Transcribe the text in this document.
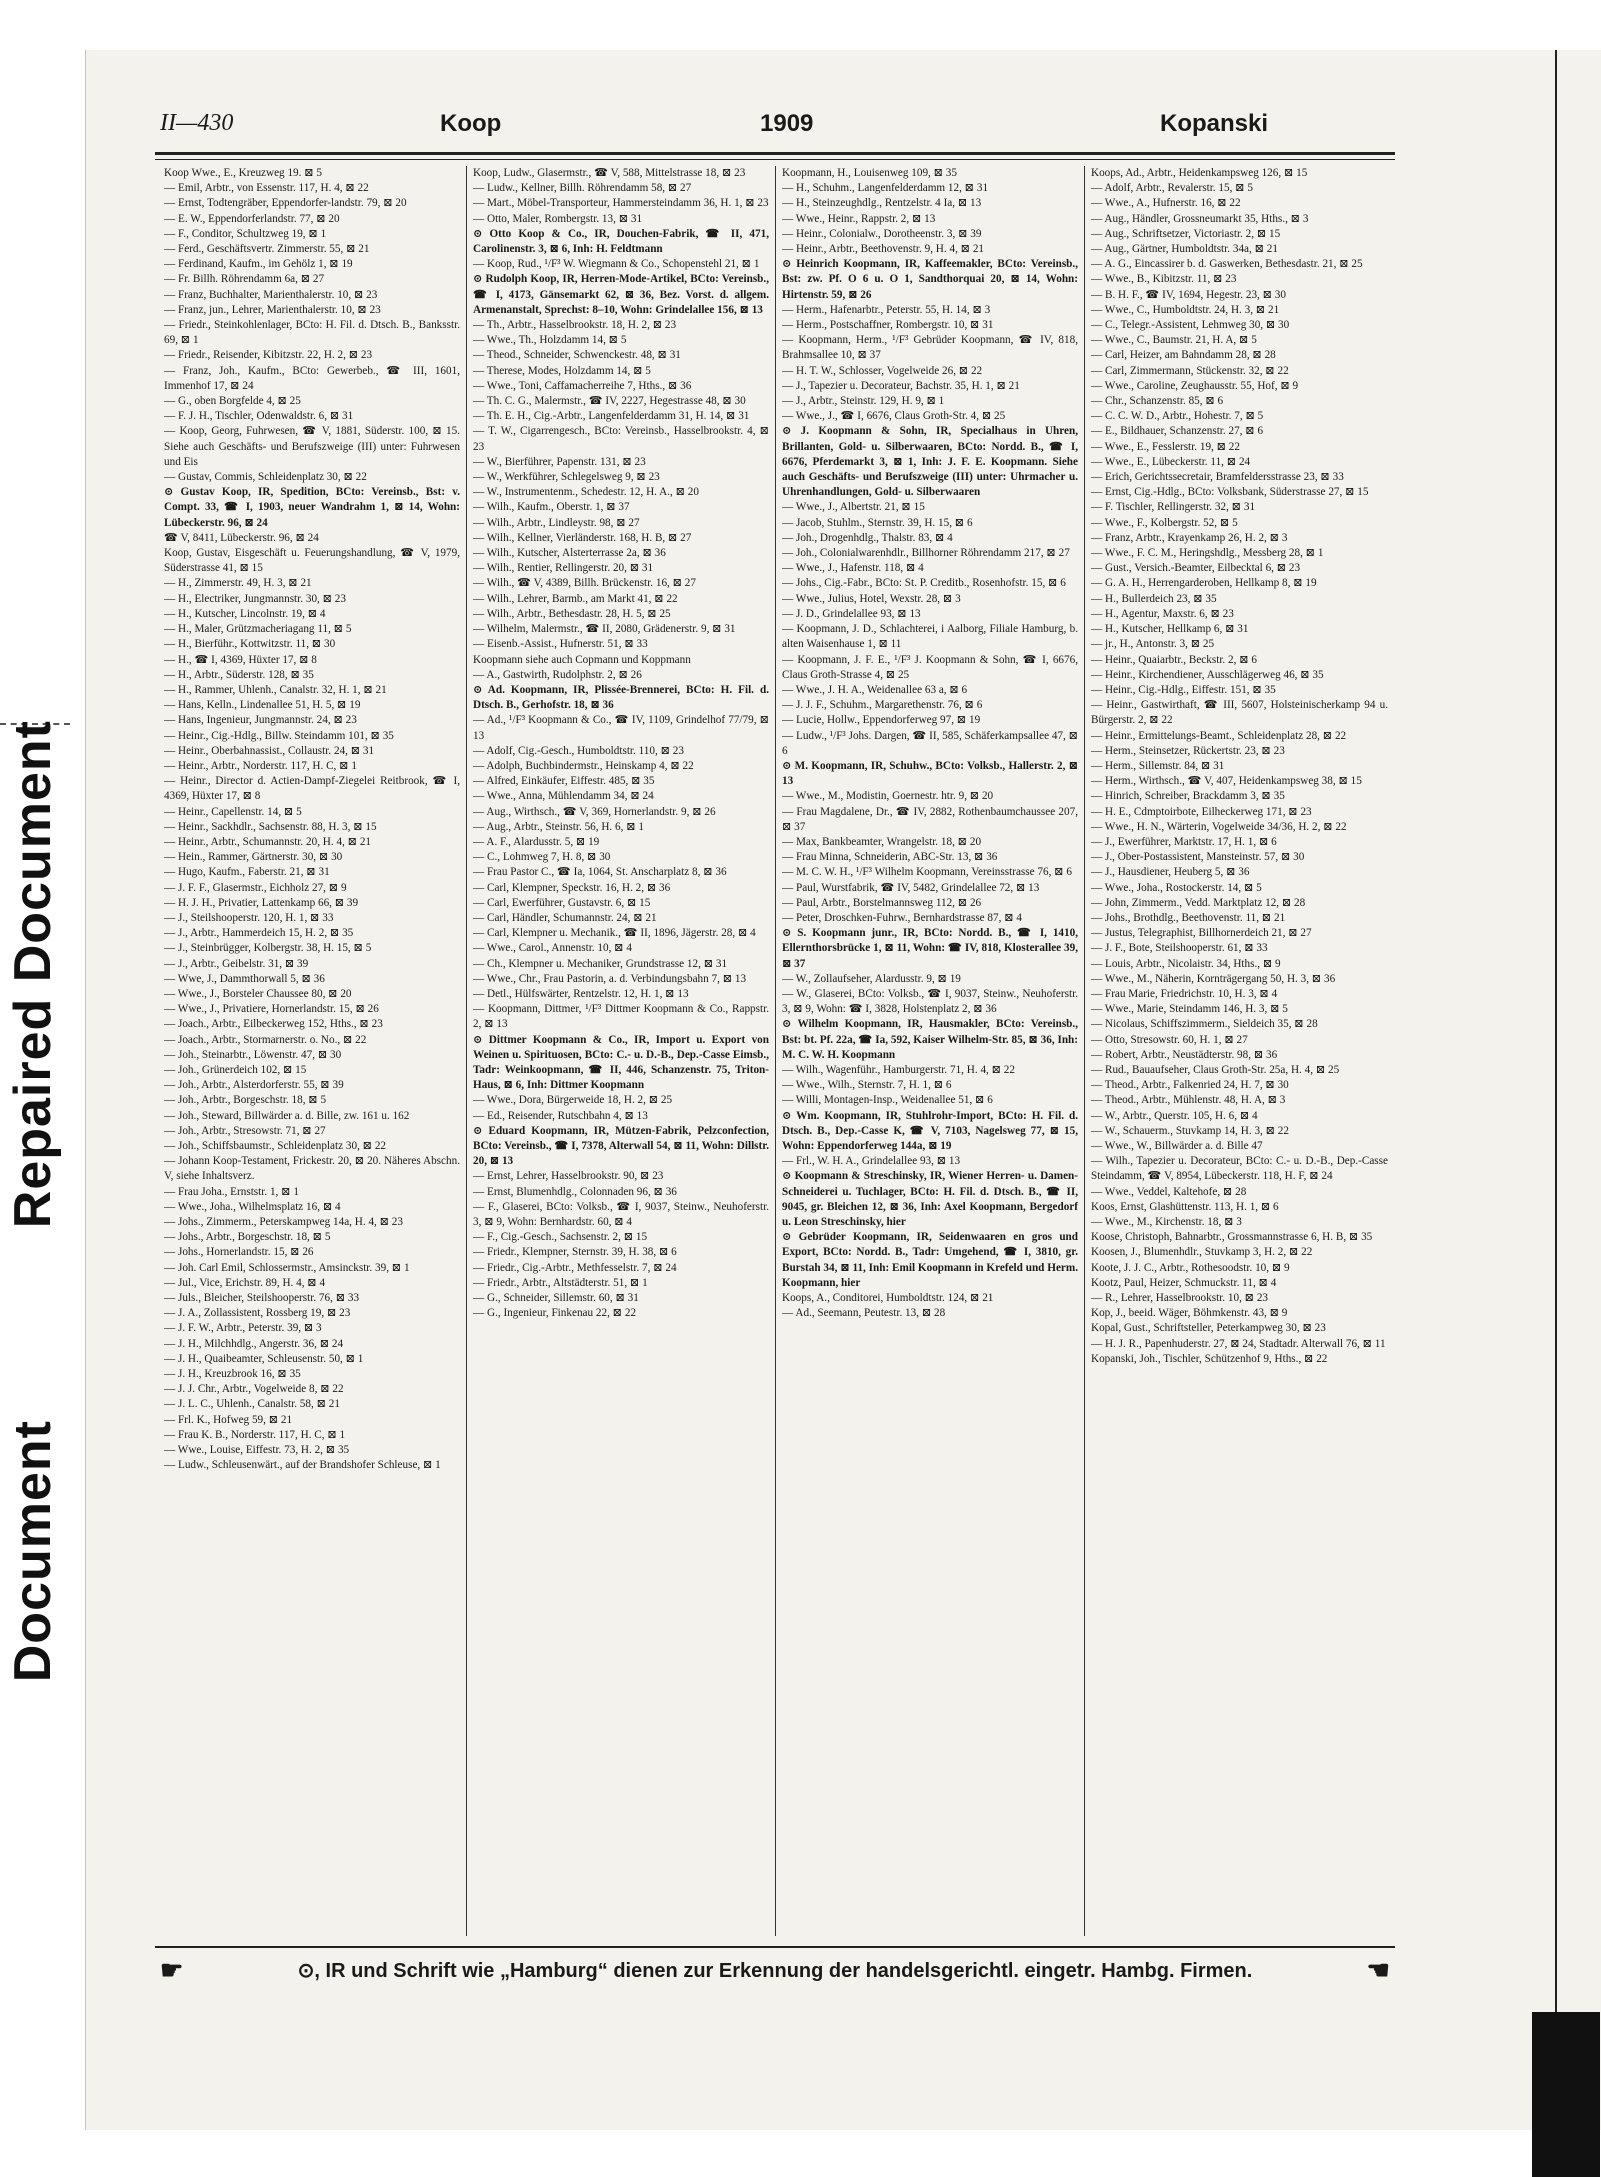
Repaired Document
Document
II—430	Koop	1909	Kopanski

Koop Wwe., E., Kreuzweg 19. ⊠ 5

— Emil, Arbtr., von Essenstr. 117, H. 4, ⊠ 22

— Ernst, Todtengräber, Eppendorfer-landstr. 79, ⊠ 20

— E. W., Eppendorferlandstr. 77, ⊠ 20

— F., Conditor, Schultzweg 19, ⊠ 1

— Ferd., Geschäftsvertr. Zimmerstr. 55, ⊠ 21

— Ferdinand, Kaufm., im Gehölz 1, ⊠ 19

— Fr. Billh. Röhrendamm 6a, ⊠ 27

— Franz, Buchhalter, Marienthalerstr. 10, ⊠ 23

— Franz, jun., Lehrer, Marienthalerstr. 10, ⊠ 23

— Friedr., Steinkohlenlager, BCto: H. Fil. d. Dtsch. B., Banksstr. 69, ⊠ 1

— Friedr., Reisender, Kibitzstr. 22, H. 2, ⊠ 23

— Franz, Joh., Kaufm., BCto: Gewerbeb., ☎ III, 1601, Immenhof 17, ⊠ 24

— G., oben Borgfelde 4, ⊠ 25

— F. J. H., Tischler, Odenwaldstr. 6, ⊠ 31

— Koop, Georg, Fuhrwesen, ☎ V, 1881, Süderstr. 100, ⊠ 15. Siehe auch Geschäfts- und Berufszweige (III) unter: Fuhrwesen und Eis

— Gustav, Commis, Schleidenplatz 30, ⊠ 22

⊙ Gustav Koop, IR, Spedition, BCto: Vereinsb., Bst: v. Compt. 33, ☎ I, 1903, neuer Wandrahm 1, ⊠ 14, Wohn: Lübeckerstr. 96, ⊠ 24

☎ V, 8411, Lübeckerstr. 96, ⊠ 24

Koop, Gustav, Eisgeschäft u. Feuerungshandlung, ☎ V, 1979, Süderstrasse 41, ⊠ 15

— H., Zimmerstr. 49, H. 3, ⊠ 21

— H., Electriker, Jungmannstr. 30, ⊠ 23

— H., Kutscher, Lincolnstr. 19, ⊠ 4

— H., Maler, Grützmacheriagang 11, ⊠ 5

— H., Bierführ., Kottwitzstr. 11, ⊠ 30

— H., ☎ I, 4369, Hüxter 17, ⊠ 8

— H., Arbtr., Süderstr. 128, ⊠ 35

— H., Rammer, Uhlenh., Canalstr. 32, H. 1, ⊠ 21

— Hans, Kelln., Lindenallee 51, H. 5, ⊠ 19

— Hans, Ingenieur, Jungmannstr. 24, ⊠ 23

— Heinr., Cig.-Hdlg., Billw. Steindamm 101, ⊠ 35

— Heinr., Oberbahnassist., Collaustr. 24, ⊠ 31

— Heinr., Arbtr., Norderstr. 117, H. C, ⊠ 1

— Heinr., Director d. Actien-Dampf-Ziegelei Reitbrook, ☎ I, 4369, Hüxter 17, ⊠ 8

— Heinr., Capellenstr. 14, ⊠ 5

— Heinr., Sackhdlr., Sachsenstr. 88, H. 3, ⊠ 15

— Heinr., Arbtr., Schumannstr. 20, H. 4, ⊠ 21

— Hein., Rammer, Gärtnerstr. 30, ⊠ 30

— Hugo, Kaufm., Faberstr. 21, ⊠ 31

— J. F. F., Glasermstr., Eichholz 27, ⊠ 9

— H. J. H., Privatier, Lattenkamp 66, ⊠ 39

— J., Steilshooperstr. 120, H. 1, ⊠ 33

— J., Arbtr., Hammerdeich 15, H. 2, ⊠ 35

— J., Steinbrügger, Kolbergstr. 38, H. 15, ⊠ 5

— J., Arbtr., Geibelstr. 31, ⊠ 39

— Wwe, J., Dammthorwall 5, ⊠ 36

— Wwe., J., Borsteler Chaussee 80, ⊠ 20

— Wwe., J., Privatiere, Hornerlandstr. 15, ⊠ 26

— Joach., Arbtr., Eilbeckerweg 152, Hths., ⊠ 23

— Joach., Arbtr., Stormarnerstr. o. No., ⊠ 22

— Joh., Steinarbtr., Löwenstr. 47, ⊠ 30

— Joh., Grünerdeich 102, ⊠ 15

— Joh., Arbtr., Alsterdorferstr. 55, ⊠ 39

— Joh., Arbtr., Borgeschstr. 18, ⊠ 5

— Joh., Steward, Billwärder a. d. Bille, zw. 161 u. 162

— Joh., Arbtr., Stresowstr. 71, ⊠ 27

— Joh., Schiffsbaumstr., Schleidenplatz 30, ⊠ 22

— Johann Koop-Testament, Frickestr. 20, ⊠ 20. Näheres Abschn. V, siehe Inhaltsverz.

— Frau Joha., Ernststr. 1, ⊠ 1

— Wwe., Joha., Wilhelmsplatz 16, ⊠ 4

— Johs., Zimmerm., Peterskampweg 14a, H. 4, ⊠ 23

— Johs., Arbtr., Borgeschstr. 18, ⊠ 5

— Johs., Hornerlandstr. 15, ⊠ 26

— Joh. Carl Emil, Schlossermstr., Amsinckstr. 39, ⊠ 1

— Jul., Vice, Erichstr. 89, H. 4, ⊠ 4

— Juls., Bleicher, Steilshooperstr. 76, ⊠ 33

— J. A., Zollassistent, Rossberg 19, ⊠ 23

— J. F. W., Arbtr., Peterstr. 39, ⊠ 3

— J. H., Milchhdlg., Angerstr. 36, ⊠ 24

— J. H., Quaibeamter, Schleusenstr. 50, ⊠ 1

— J. H., Kreuzbrook 16, ⊠ 35

— J. J. Chr., Arbtr., Vogelweide 8, ⊠ 22

— J. L. C., Uhlenh., Canalstr. 58, ⊠ 21

— Frl. K., Hofweg 59, ⊠ 21

— Frau K. B., Norderstr. 117, H. C, ⊠ 1

— Wwe., Louise, Eiffestr. 73, H. 2, ⊠ 35

— Ludw., Schleusenwärt., auf der Brandshofer Schleuse, ⊠ 1

Koop, Ludw., Glasermstr., ☎ V, 588, Mittelstrasse 18, ⊠ 23

— Ludw., Kellner, Billh. Röhrendamm 58, ⊠ 27

— Mart., Möbel-Transporteur, Hammersteindamm 36, H. 1, ⊠ 23

— Otto, Maler, Rombergstr. 13, ⊠ 31

⊙ Otto Koop & Co., IR, Douchen-Fabrik, ☎ II, 471, Carolinenstr. 3, ⊠ 6, Inh: H. Feldtmann

— Koop, Rud., ¹/F³ W. Wiegmann & Co., Schopenstehl 21, ⊠ 1

⊙ Rudolph Koop, IR, Herren-Mode-Artikel, BCto: Vereinsb., ☎ I, 4173, Gänsemarkt 62, ⊠ 36, Bez. Vorst. d. allgem. Armenanstalt, Sprechst: 8–10, Wohn: Grindelallee 156, ⊠ 13

— Th., Arbtr., Hasselbrookstr. 18, H. 2, ⊠ 23

— Wwe., Th., Holzdamm 14, ⊠ 5

— Theod., Schneider, Schwenckestr. 48, ⊠ 31

— Therese, Modes, Holzdamm 14, ⊠ 5

— Wwe., Toni, Caffamacherreihe 7, Hths., ⊠ 36

— Th. C. G., Malermstr., ☎ IV, 2227, Hegestrasse 48, ⊠ 30

— Th. E. H., Cig.-Arbtr., Langenfelderdamm 31, H. 14, ⊠ 31

— T. W., Cigarrengesch., BCto: Vereinsb., Hasselbrookstr. 4, ⊠ 23

— W., Bierführer, Papenstr. 131, ⊠ 23

— W., Werkführer, Schlegelsweg 9, ⊠ 23

— W., Instrumentenm., Schedestr. 12, H. A., ⊠ 20

— Wilh., Kaufm., Oberstr. 1, ⊠ 37

— Wilh., Arbtr., Lindleystr. 98, ⊠ 27

— Wilh., Kellner, Vierländerstr. 168, H. B, ⊠ 27

— Wilh., Kutscher, Alsterterrasse 2a, ⊠ 36

— Wilh., Rentier, Rellingerstr. 20, ⊠ 31

— Wilh., ☎ V, 4389, Billh. Brückenstr. 16, ⊠ 27

— Wilh., Lehrer, Barmb., am Markt 41, ⊠ 22

— Wilh., Arbtr., Bethesdastr. 28, H. 5, ⊠ 25

— Wilhelm, Malermstr., ☎ II, 2080, Grädenerstr. 9, ⊠ 31

— Eisenb.-Assist., Hufnerstr. 51, ⊠ 33

Koopmann siehe auch Copmann und Koppmann

— A., Gastwirth, Rudolphstr. 2, ⊠ 26

⊙ Ad. Koopmann, IR, Plissée-Brennerei, BCto: H. Fil. d. Dtsch. B., Gerhofstr. 18, ⊠ 36

— Ad., ¹/F³ Koopmann & Co., ☎ IV, 1109, Grindelhof 77/79, ⊠ 13

— Adolf, Cig.-Gesch., Humboldtstr. 110, ⊠ 23

— Adolph, Buchbindermstr., Heinskamp 4, ⊠ 22

— Alfred, Einkäufer, Eiffestr. 485, ⊠ 35

— Wwe., Anna, Mühlendamm 34, ⊠ 24

— Aug., Wirthsch., ☎ V, 369, Hornerlandstr. 9, ⊠ 26

— Aug., Arbtr., Steinstr. 56, H. 6, ⊠ 1

— A. F., Alardusstr. 5, ⊠ 19

— C., Lohmweg 7, H. 8, ⊠ 30

— Frau Pastor C., ☎ Ia, 1064, St. Anscharplatz 8, ⊠ 36

— Carl, Klempner, Speckstr. 16, H. 2, ⊠ 36

— Carl, Ewerführer, Gustavstr. 6, ⊠ 15

— Carl, Händler, Schumannstr. 24, ⊠ 21

— Carl, Klempner u. Mechanik., ☎ II, 1896, Jägerstr. 28, ⊠ 4

— Wwe., Carol., Annenstr. 10, ⊠ 4

— Ch., Klempner u. Mechaniker, Grundstrasse 12, ⊠ 31

— Wwe., Chr., Frau Pastorin, a. d. Verbindungsbahn 7, ⊠ 13

— Detl., Hülfswärter, Rentzelstr. 12, H. 1, ⊠ 13

— Koopmann, Dittmer, ¹/F³ Dittmer Koopmann & Co., Rappstr. 2, ⊠ 13

⊙ Dittmer Koopmann & Co., IR, Import u. Export von Weinen u. Spirituosen, BCto: C.- u. D.-B., Dep.-Casse Eimsb., Tadr: Weinkoopmann, ☎ II, 446, Schanzenstr. 75, Triton-Haus, ⊠ 6, Inh: Dittmer Koopmann

— Wwe., Dora, Bürgerweide 18, H. 2, ⊠ 25

— Ed., Reisender, Rutschbahn 4, ⊠ 13

⊙ Eduard Koopmann, IR, Mützen-Fabrik, Pelzconfection, BCto: Vereinsb., ☎ I, 7378, Alterwall 54, ⊠ 11, Wohn: Dillstr. 20, ⊠ 13

— Ernst, Lehrer, Hasselbrookstr. 90, ⊠ 23

— Ernst, Blumenhdlg., Colonnaden 96, ⊠ 36

— F., Glaserei, BCto: Volksb., ☎ I, 9037, Steinw., Neuhoferstr. 3, ⊠ 9, Wohn: Bernhardstr. 60, ⊠ 4

— F., Cig.-Gesch., Sachsenstr. 2, ⊠ 15

— Friedr., Klempner, Sternstr. 39, H. 38, ⊠ 6

— Friedr., Cig.-Arbtr., Methfesselstr. 7, ⊠ 24

— Friedr., Arbtr., Altstädterstr. 51, ⊠ 1

— G., Schneider, Sillemstr. 60, ⊠ 31

— G., Ingenieur, Finkenau 22, ⊠ 22

Koopmann, H., Louisenweg 109, ⊠ 35

— H., Schuhm., Langenfelderdamm 12, ⊠ 31

— H., Steinzeughdlg., Rentzelstr. 4 Ia, ⊠ 13

— Wwe., Heinr., Rappstr. 2, ⊠ 13

— Heinr., Colonialw., Dorotheenstr. 3, ⊠ 39

— Heinr., Arbtr., Beethovenstr. 9, H. 4, ⊠ 21

⊙ Heinrich Koopmann, IR, Kaffeemakler, BCto: Vereinsb., Bst: zw. Pf. O 6 u. O 1, Sandthorquai 20, ⊠ 14, Wohn: Hirtenstr. 59, ⊠ 26

— Herm., Hafenarbtr., Peterstr. 55, H. 14, ⊠ 3

— Herm., Postschaffner, Rombergstr. 10, ⊠ 31

— Koopmann, Herm., ¹/F³ Gebrüder Koopmann, ☎ IV, 818, Brahmsallee 10, ⊠ 37

— H. T. W., Schlosser, Vogelweide 26, ⊠ 22

— J., Tapezier u. Decorateur, Bachstr. 35, H. 1, ⊠ 21

— J., Arbtr., Steinstr. 129, H. 9, ⊠ 1

— Wwe., J., ☎ I, 6676, Claus Groth-Str. 4, ⊠ 25

⊙ J. Koopmann & Sohn, IR, Specialhaus in Uhren, Brillanten, Gold- u. Silberwaaren, BCto: Nordd. B., ☎ I, 6676, Pferdemarkt 3, ⊠ 1, Inh: J. F. E. Koopmann. Siehe auch Geschäfts- und Berufszweige (III) unter: Uhrmacher u. Uhrenhandlungen, Gold- u. Silberwaaren

— Wwe., J., Albertstr. 21, ⊠ 15

— Jacob, Stuhlm., Sternstr. 39, H. 15, ⊠ 6

— Joh., Drogenhdlg., Thalstr. 83, ⊠ 4

— Joh., Colonialwarenhdlr., Billhorner Röhrendamm 217, ⊠ 27

— Wwe., J., Hafenstr. 118, ⊠ 4

— Johs., Cig.-Fabr., BCto: St. P. Creditb., Rosenhofstr. 15, ⊠ 6

— Wwe., Julius, Hotel, Wexstr. 28, ⊠ 3

— J. D., Grindelallee 93, ⊠ 13

— Koopmann, J. D., Schlachterei, i Aalborg, Filiale Hamburg, b. alten Waisenhause 1, ⊠ 11

— Koopmann, J. F. E., ¹/F³ J. Koopmann & Sohn, ☎ I, 6676, Claus Groth-Strasse 4, ⊠ 25

— Wwe., J. H. A., Weidenallee 63 a, ⊠ 6

— J. J. F., Schuhm., Margarethenstr. 76, ⊠ 6

— Lucie, Hollw., Eppendorferweg 97, ⊠ 19

— Ludw., ¹/F³ Johs. Dargen, ☎ II, 585, Schäferkampsallee 47, ⊠ 6

⊙ M. Koopmann, IR, Schuhw., BCto: Volksb., Hallerstr. 2, ⊠ 13

— Wwe., M., Modistin, Goernestr. htr. 9, ⊠ 20

— Frau Magdalene, Dr., ☎ IV, 2882, Rothenbaumchaussee 207, ⊠ 37

— Max, Bankbeamter, Wrangelstr. 18, ⊠ 20

— Frau Minna, Schneiderin, ABC-Str. 13, ⊠ 36

— M. C. W. H., ¹/F³ Wilhelm Koopmann, Vereinsstrasse 76, ⊠ 6

— Paul, Wurstfabrik, ☎ IV, 5482, Grindelallee 72, ⊠ 13

— Paul, Arbtr., Borstelmannsweg 112, ⊠ 26

— Peter, Droschken-Fuhrw., Bernhardstrasse 87, ⊠ 4

⊙ S. Koopmann junr., IR, BCto: Nordd. B., ☎ I, 1410, Ellernthorsbrücke 1, ⊠ 11, Wohn: ☎ IV, 818, Klosterallee 39, ⊠ 37

— W., Zollaufseher, Alardusstr. 9, ⊠ 19

— W., Glaserei, BCto: Volksb., ☎ I, 9037, Steinw., Neuhoferstr. 3, ⊠ 9, Wohn: ☎ I, 3828, Holstenplatz 2, ⊠ 36

⊙ Wilhelm Koopmann, IR, Hausmakler, BCto: Vereinsb., Bst: bt. Pf. 22a, ☎ Ia, 592, Kaiser Wilhelm-Str. 85, ⊠ 36, Inh: M. C. W. H. Koopmann

— Wilh., Wagenführ., Hamburgerstr. 71, H. 4, ⊠ 22

— Wwe., Wilh., Sternstr. 7, H. 1, ⊠ 6

— Willi, Montagen-Insp., Weidenallee 51, ⊠ 6

⊙ Wm. Koopmann, IR, Stuhlrohr-Import, BCto: H. Fil. d. Dtsch. B., Dep.-Casse K, ☎ V, 7103, Nagelsweg 77, ⊠ 15, Wohn: Eppendorferweg 144a, ⊠ 19

— Frl., W. H. A., Grindelallee 93, ⊠ 13

⊙ Koopmann & Streschinsky, IR, Wiener Herren- u. Damen-Schneiderei u. Tuchlager, BCto: H. Fil. d. Dtsch. B., ☎ II, 9045, gr. Bleichen 12, ⊠ 36, Inh: Axel Koopmann, Bergedorf u. Leon Streschinsky, hier

⊙ Gebrüder Koopmann, IR, Seidenwaaren en gros und Export, BCto: Nordd. B., Tadr: Umgehend, ☎ I, 3810, gr. Burstah 34, ⊠ 11, Inh: Emil Koopmann in Krefeld und Herm. Koopmann, hier

Koops, A., Conditorei, Humboldtstr. 124, ⊠ 21

— Ad., Seemann, Peutestr. 13, ⊠ 28

Koops, Ad., Arbtr., Heidenkampsweg 126, ⊠ 15

— Adolf, Arbtr., Revalerstr. 15, ⊠ 5

— Wwe., A., Hufnerstr. 16, ⊠ 22

— Aug., Händler, Grossneumarkt 35, Hths., ⊠ 3

— Aug., Schriftsetzer, Victoriastr. 2, ⊠ 15

— Aug., Gärtner, Humboldtstr. 34a, ⊠ 21

— A. G., Eincassirer b. d. Gaswerken, Bethesdastr. 21, ⊠ 25

— Wwe., B., Kibitzstr. 11, ⊠ 23

— B. H. F., ☎ IV, 1694, Hegestr. 23, ⊠ 30

— Wwe., C., Humboldtstr. 24, H. 3, ⊠ 21

— C., Telegr.-Assistent, Lehmweg 30, ⊠ 30

— Wwe., C., Baumstr. 21, H. A, ⊠ 5

— Carl, Heizer, am Bahndamm 28, ⊠ 28

— Carl, Zimmermann, Stückenstr. 32, ⊠ 22

— Wwe., Caroline, Zeughausstr. 55, Hof, ⊠ 9

— Chr., Schanzenstr. 85, ⊠ 6

— C. C. W. D., Arbtr., Hohestr. 7, ⊠ 5

— E., Bildhauer, Schanzenstr. 27, ⊠ 6

— Wwe., E., Fesslerstr. 19, ⊠ 22

— Wwe., E., Lübeckerstr. 11, ⊠ 24

— Erich, Gerichtssecretair, Bramfeldersstrasse 23, ⊠ 33

— Ernst, Cig.-Hdlg., BCto: Volksbank, Süderstrasse 27, ⊠ 15

— F. Tischler, Rellingerstr. 32, ⊠ 31

— Wwe., F., Kolbergstr. 52, ⊠ 5

— Franz, Arbtr., Krayenkamp 26, H. 2, ⊠ 3

— Wwe., F. C. M., Heringshdlg., Messberg 28, ⊠ 1

— Gust., Versich.-Beamter, Eilbecktal 6, ⊠ 23

— G. A. H., Herrengarderoben, Hellkamp 8, ⊠ 19

— H., Bullerdeich 23, ⊠ 35

— H., Agentur, Maxstr. 6, ⊠ 23

— H., Kutscher, Hellkamp 6, ⊠ 31

— jr., H., Antonstr. 3, ⊠ 25

— Heinr., Quaiarbtr., Beckstr. 2, ⊠ 6

— Heinr., Kirchendiener, Ausschlägerweg 46, ⊠ 35

— Heinr., Cig.-Hdlg., Eiffestr. 151, ⊠ 35

— Heinr., Gastwirthaft, ☎ III, 5607, Holsteinischerkamp 94 u. Bürgerstr. 2, ⊠ 22

— Heinr., Ermittelungs-Beamt., Schleidenplatz 28, ⊠ 22

— Herm., Steinsetzer, Rückertstr. 23, ⊠ 23

— Herm., Sillemstr. 84, ⊠ 31

— Herm., Wirthsch., ☎ V, 407, Heidenkampsweg 38, ⊠ 15

— Hinrich, Schreiber, Brackdamm 3, ⊠ 35

— H. E., Cdmptoirbote, Eilheckerweg 171, ⊠ 23

— Wwe., H. N., Wärterin, Vogelweide 34/36, H. 2, ⊠ 22

— J., Ewerführer, Marktstr. 17, H. 1, ⊠ 6

— J., Ober-Postassistent, Mansteinstr. 57, ⊠ 30

— J., Hausdiener, Heuberg 5, ⊠ 36

— Wwe., Joha., Rostockerstr. 14, ⊠ 5

— John, Zimmerm., Vedd. Marktplatz 12, ⊠ 28

— Johs., Brothdlg., Beethovenstr. 11, ⊠ 21

— Justus, Telegraphist, Billhornerdeich 21, ⊠ 27

— J. F., Bote, Steilshooperstr. 61, ⊠ 33

— Louis, Arbtr., Nicolaistr. 34, Hths., ⊠ 9

— Wwe., M., Näherin, Kornträgergang 50, H. 3, ⊠ 36

— Frau Marie, Friedrichstr. 10, H. 3, ⊠ 4

— Wwe., Marie, Steindamm 146, H. 3, ⊠ 5

— Nicolaus, Schiffszimmerm., Sieldeich 35, ⊠ 28

— Otto, Stresowstr. 60, H. 1, ⊠ 27

— Robert, Arbtr., Neustädterstr. 98, ⊠ 36

— Rud., Bauaufseher, Claus Groth-Str. 25a, H. 4, ⊠ 25

— Theod., Arbtr., Falkenried 24, H. 7, ⊠ 30

— Theod., Arbtr., Mühlenstr. 48, H. A, ⊠ 3

— W., Arbtr., Querstr. 105, H. 6, ⊠ 4

— W., Schauerm., Stuvkamp 14, H. 3, ⊠ 22

— Wwe., W., Billwärder a. d. Bille 47

— Wilh., Tapezier u. Decorateur, BCto: C.- u. D.-B., Dep.-Casse Steindamm, ☎ V, 8954, Lübeckerstr. 118, H. F, ⊠ 24

— Wwe., Veddel, Kaltehofe, ⊠ 28

Koos, Ernst, Glashüttenstr. 113, H. 1, ⊠ 6

— Wwe., M., Kirchenstr. 18, ⊠ 3

Koose, Christoph, Bahnarbtr., Grossmannstrasse 6, H. B, ⊠ 35

Koosen, J., Blumenhdlr., Stuvkamp 3, H. 2, ⊠ 22

Koote, J. J. C., Arbtr., Rothesoodstr. 10, ⊠ 9

Kootz, Paul, Heizer, Schmuckstr. 11, ⊠ 4

— R., Lehrer, Hasselbrookstr. 10, ⊠ 23

Kop, J., beeid. Wäger, Böhmkenstr. 43, ⊠ 9

Kopal, Gust., Schriftsteller, Peterkampweg 30, ⊠ 23

— H. J. R., Papenhuderstr. 27, ⊠ 24, Stadtadr. Alterwall 76, ⊠ 11

Kopanski, Joh., Tischler, Schützenhof 9, Hths., ⊠ 22

☛	⊙, IR und Schrift wie „Hamburg“ dienen zur Erkennung der handelsgerichtl. eingetr. Hambg. Firmen.	☚
